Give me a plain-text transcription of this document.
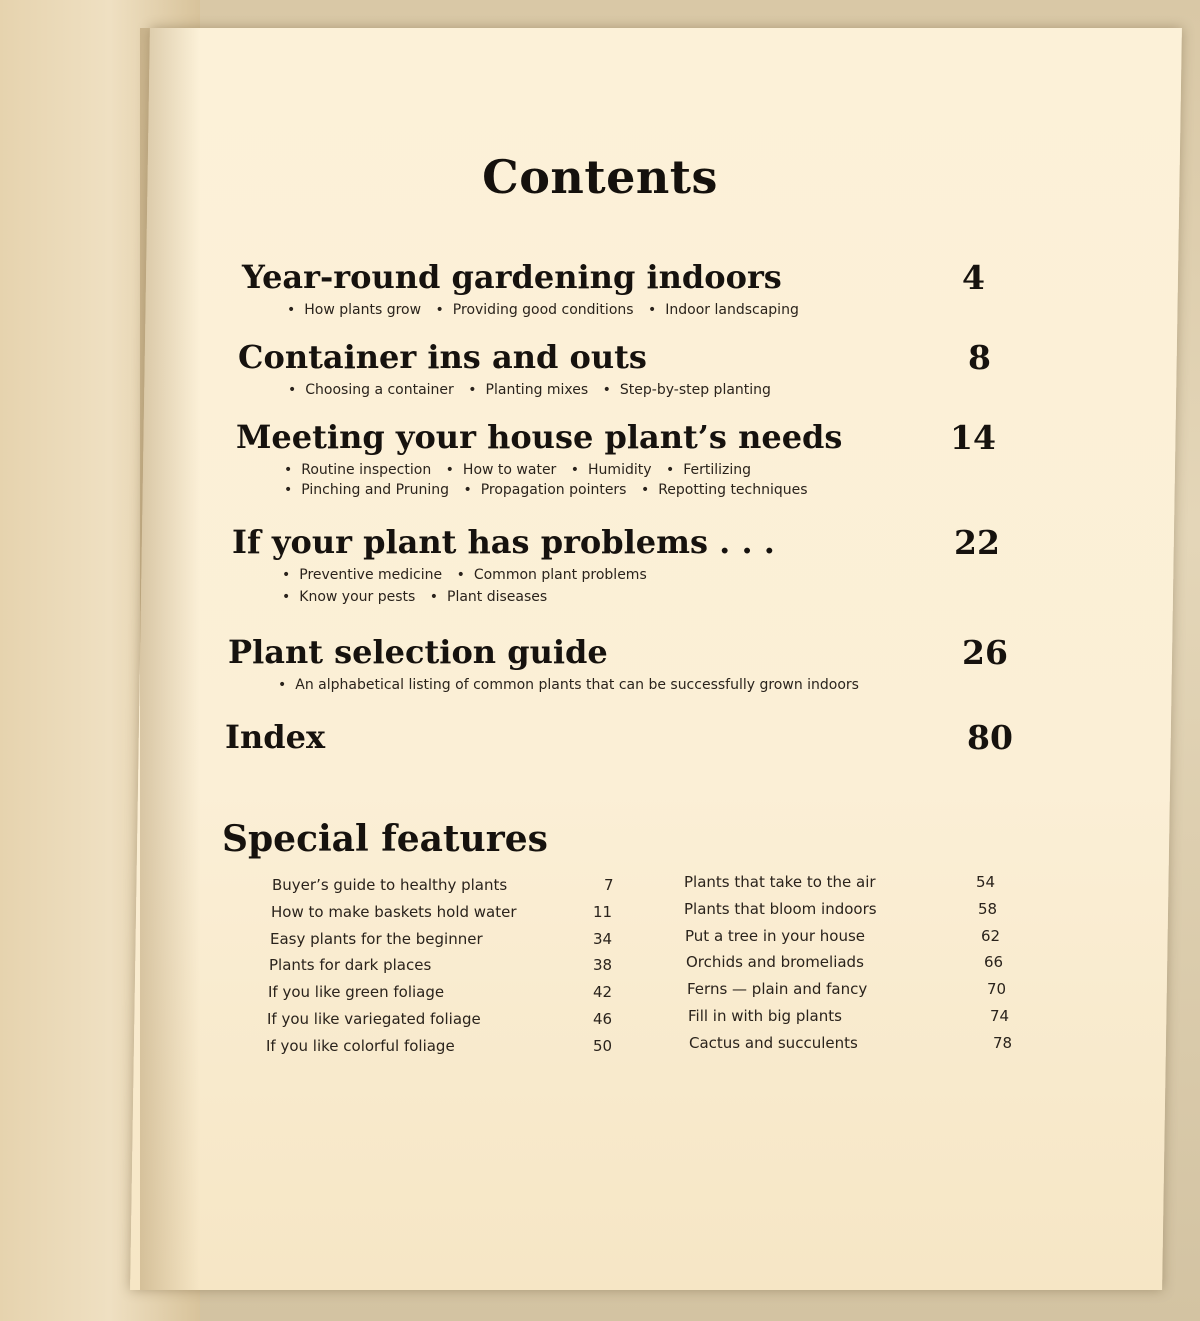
Contents
Year-round gardening indoors	4
• How plants grow • Providing good conditions • Indoor landscaping
Container ins and outs	8
• Choosing a container • Planting mixes • Step-by-step planting
Meeting your house plant’s needs	14
• Routine inspection • How to water • Humidity • Fertilizing
• Pinching and Pruning • Propagation pointers • Repotting techniques
If your plant has problems . . .	22
• Preventive medicine • Common plant problems
• Know your pests • Plant diseases
Plant selection guide	26
• An alphabetical listing of common plants that can be successfully grown indoors
Index	80
Special features
Buyer’s guide to healthy plants	7
How to make baskets hold water	11
Easy plants for the beginner	34
Plants for dark places	38
If you like green foliage	42
If you like variegated foliage	46
If you like colorful foliage	50
Plants that take to the air	54
Plants that bloom indoors	58
Put a tree in your house	62
Orchids and bromeliads	66
Ferns — plain and fancy	70
Fill in with big plants	74
Cactus and succulents	78
